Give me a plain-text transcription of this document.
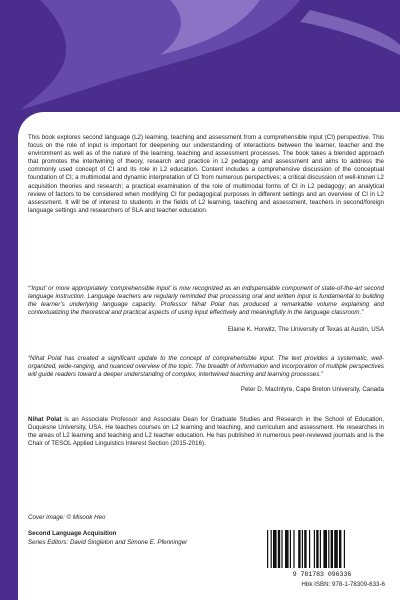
This book explores second language (L2) learning, teaching and assessment from a comprehensible input (CI) perspective. This focus on the role of input is important for deepening our understanding of interactions between the learner, teacher and the environment as well as of the nature of the learning, teaching and assessment processes. The book takes a blended approach that promotes the intertwining of theory, research and practice in L2 pedagogy and assessment and aims to address the commonly used concept of CI and its role in L2 education. Content includes a comprehensive discussion of the conceptual foundation of CI; a multimodal and dynamic interpretation of CI from numerous perspectives; a critical discussion of well-known L2 acquisition theories and research; a practical examination of the role of multimodal forms of CI in L2 pedagogy; an analytical review of factors to be considered when modifying CI for pedagogical purposes in different settings and an overview of CI in L2 assessment. It will be of interest to students in the fields of L2 learning, teaching and assessment, teachers in second/foreign language settings and researchers of SLA and teacher education.

“‘Input’ or more appropriately ‘comprehensible input’ is now recognized as an indispensable component of state-of-the-art second language instruction. Language teachers are regularly reminded that processing oral and written input is fundamental to building the learner’s underlying language capacity. Professor Nihat Polat has produced a remarkable volume explaining and contextualizing the theoretical and practical aspects of using input effectively and meaningfully in the language classroom.”

Elaine K. Horwitz, The University of Texas at Austin, USA

“Nihat Polat has created a significant update to the concept of comprehensible input. The text provides a systematic, well-organized, wide-ranging, and nuanced overview of the topic. The breadth of information and incorporation of multiple perspectives will guide readers toward a deeper understanding of complex, intertwined teaching and learning processes.”

Peter D. MacIntyre, Cape Breton University, Canada

Nihat Polat is an Associate Professor and Associate Dean for Graduate Studies and Research in the School of Education, Duquesne University, USA. He teaches courses on L2 learning and teaching, and curriculum and assessment. He researches in the areas of L2 learning and teaching and L2 teacher education. He has published in numerous peer-reviewed journals and is the Chair of TESOL Applied Linguistics Interest Section (2015-2016).

Cover image: © Misook Heo
Second Language Acquisition
Series Editors: David Singleton and Simone E. Pfenninger
9 781783 096336
Hbk ISBN: 978-1-78309-633-6
